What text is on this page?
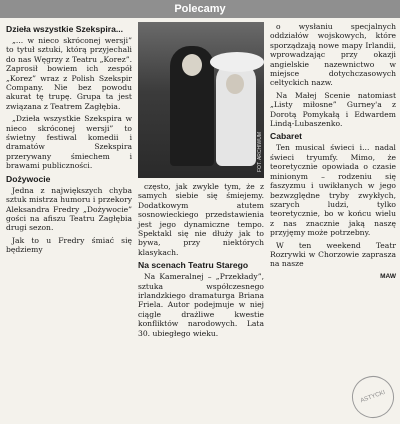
Polecamy
Dzieła wszystkie Szekspira...

„... w nieco skróconej wersji” to tytuł sztuki, którą przyjechali do nas Węgrzy z Teatru „Korez”. Zaprosił bowiem ich zespół „Korez” wraz z Polish Szekspir Company. Nie bez powodu akurat tę trupę. Grupa ta jest związana z Teatrem Zagłębia.

„Dzieła wszystkie Szekspira w nieco skróconej wersji” to świetny festiwal komedii i dramatów Szekspira przerywany śmiechem i brawami publiczności.

Dożywocie

Jedna z największych chyba sztuk mistrza humoru i przekory Aleksandra Fredry „Dożywocie” gości na afiszu Teatru Zagłębia drugi sezon.

Jak to u Fredry śmiać się będziemy

FOT. ARCHIWUM

często, jak zwykle tym, że z samych siebie się śmiejemy. Dodatkowym atutem sosnowieckiego przedstawienia jest jego dynamiczne tempo. Spektakl się nie dłuży jak to bywa, przy niektórych klasykach.

Na scenach Teatru Starego

Na Kameralnej – „Przekłady”, sztuka współczesnego irlandzkiego dramaturga Briana Friela. Autor podejmuje w niej ciągle drażliwe kwestie konfliktów narodowych. Lata 30. ubiegłego wieku.

o wysłaniu specjalnych oddziałów wojskowych, które sporządzają nowe mapy Irlandii, wprowadzając przy okazji angielskie nazewnictwo w miejsce dotychczasowych celtyckich nazw.

Na Małej Scenie natomiast „Listy miłosne” Gurney'a z Dorotą Pomykałą i Edwardem Lindą-Lubaszenko.

Cabaret

Ten musical świeci i... nadal świeci tryumfy. Mimo, że teoretycznie opowiada o czasie minionym – rodzeniu się faszyzmu i uwikłanych w jego bezwzględne tryby zwykłych, szarych ludzi, tylko teoretycznie, bo w końcu wielu z nas znacznie jaką naszę przyjęmy może potrzebny.

W ten weekend Teatr Rozrywki w Chorzowie zaprasza na nasze

MAW
ASTYCKI
